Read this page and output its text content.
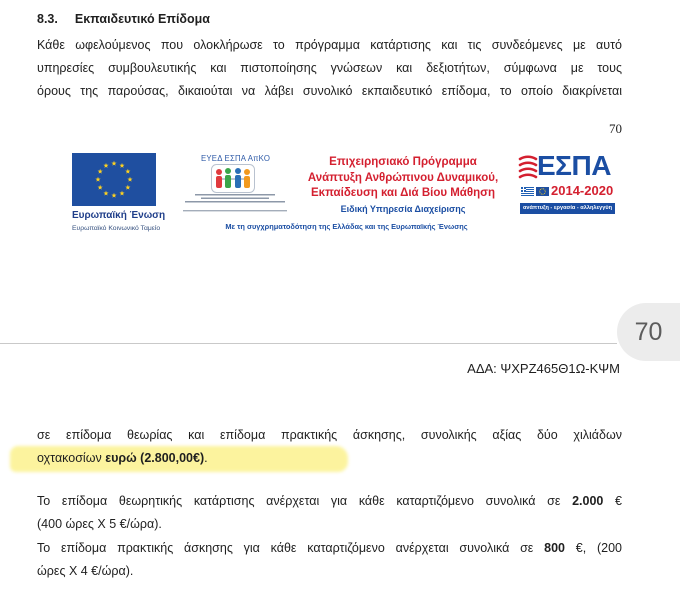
8.3. Εκπαιδευτικό Επίδομα
Κάθε ωφελούμενος που ολοκλήρωσε το πρόγραμμα κατάρτισης και τις συνδεόμενες με αυτό
υπηρεσίες συμβουλευτικής και πιστοποίησης γνώσεων και δεξιοτήτων, σύμφωνα με τους
όρους της παρούσας, δικαιούται να λάβει συνολικό εκπαιδευτικό επίδομα, το οποίο διακρίνεται
70
Ευρωπαϊκή Ένωση
Ευρωπαϊκό Κοινωνικό Ταμείο
ΕΥΕΔ ΕΣΠΑ ΑπΚΟ	Επιχειρησιακό Πρόγραμμα
Ανάπτυξη Ανθρώπινου Δυναμικού,
Εκπαίδευση και Διά Βίου Μάθηση
Ειδική Υπηρεσία Διαχείρισης
Με τη συγχρηματοδότηση της Ελλάδας και της Ευρωπαϊκής Ένωσης
ΕΣΠΑ
2014-2020
ανάπτυξη - εργασία - αλληλεγγύη
70
ΑΔΑ: ΨΧΡΖ465Θ1Ω-ΚΨΜ
σε επίδομα θεωρίας και επίδομα πρακτικής άσκησης, συνολικής αξίας δύο χιλιάδων
οχτακοσίων ευρώ (2.800,00€).
Το επίδομα θεωρητικής κατάρτισης ανέρχεται για κάθε καταρτιζόμενο συνολικά σε 2.000 €
(400 ώρες X 5 €/ώρα).
Το επίδομα πρακτικής άσκησης για κάθε καταρτιζόμενο ανέρχεται συνολικά σε 800 €, (200
ώρες X 4 €/ώρα).
